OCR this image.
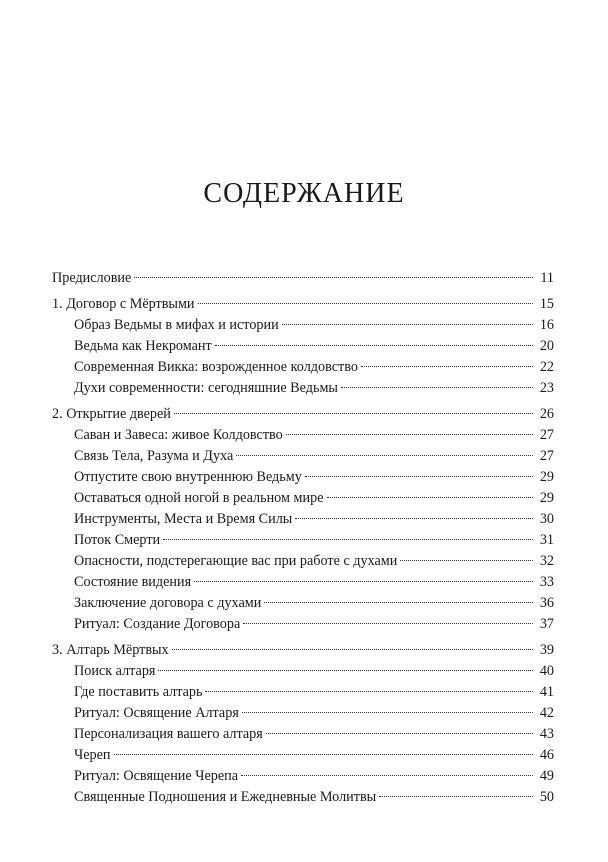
СОДЕРЖАНИЕ
Предисловие	11
1. Договор с Мёртвыми	15
Образ Ведьмы в мифах и истории	16
Ведьма как Некромант	20
Современная Викка: возрожденное колдовство	22
Духи современности: сегодняшние Ведьмы	23
2. Открытие дверей	26
Саван и Завеса: живое Колдовство	27
Связь Тела, Разума и Духа	27
Отпустите свою внутреннюю Ведьму	29
Оставаться одной ногой в реальном мире	29
Инструменты, Места и Время Силы	30
Поток Смерти	31
Опасности, подстерегающие вас при работе с духами	32
Состояние видения	33
Заключение договора с духами	36
Ритуал: Создание Договора	37
3. Алтарь Мёртвых	39
Поиск алтаря	40
Где поставить алтарь	41
Ритуал: Освящение Алтаря	42
Персонализация вашего алтаря	43
Череп	46
Ритуал: Освящение Черепа	49
Священные Подношения и Ежедневные Молитвы	50
